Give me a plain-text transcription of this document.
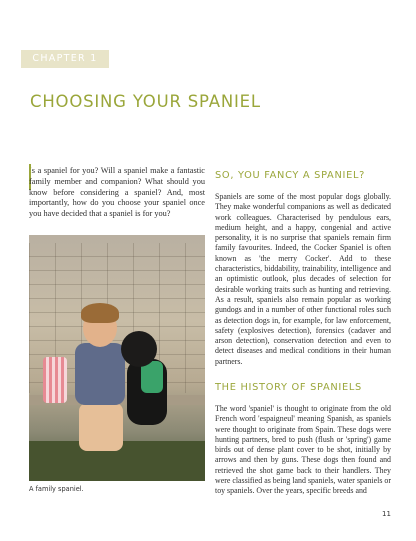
CHAPTER 1
CHOOSING YOUR SPANIEL
Is a spaniel for you? Will a spaniel make a fantastic family member and companion? What should you know before considering a spaniel? And, most importantly, how do you choose your spaniel once you have decided that a spaniel is for you?
A family spaniel.
SO, YOU FANCY A SPANIEL?
Spaniels are some of the most popular dogs globally. They make wonderful companions as well as dedicated work colleagues. Characterised by pendulous ears, medium height, and a happy, congenial and active personality, it is no surprise that spaniels remain firm family favourites. Indeed, the Cocker Spaniel is often known as 'the merry Cocker'. Add to these characteristics, biddability, trainability, intelligence and an optimistic outlook, plus decades of selection for desirable working traits such as hunting and retrieving. As a result, spaniels also remain popular as working gundogs and in a number of other functional roles such as detection dogs in, for example, for law enforcement, safety (explosives detection), forensics (cadaver and arson detection), conservation detection and even to detect diseases and medical conditions in their human partners.
THE HISTORY OF SPANIELS
The word 'spaniel' is thought to originate from the old French word 'espaigneul' meaning Spanish, as spaniels were thought to originate from Spain. These dogs were hunting partners, bred to push (flush or 'spring') game birds out of dense plant cover to be shot, initially by arrows and then by guns. These dogs then found and retrieved the shot game back to their handlers. They were classified as being land spaniels, water spaniels or toy spaniels. Over the years, specific breeds and
11
